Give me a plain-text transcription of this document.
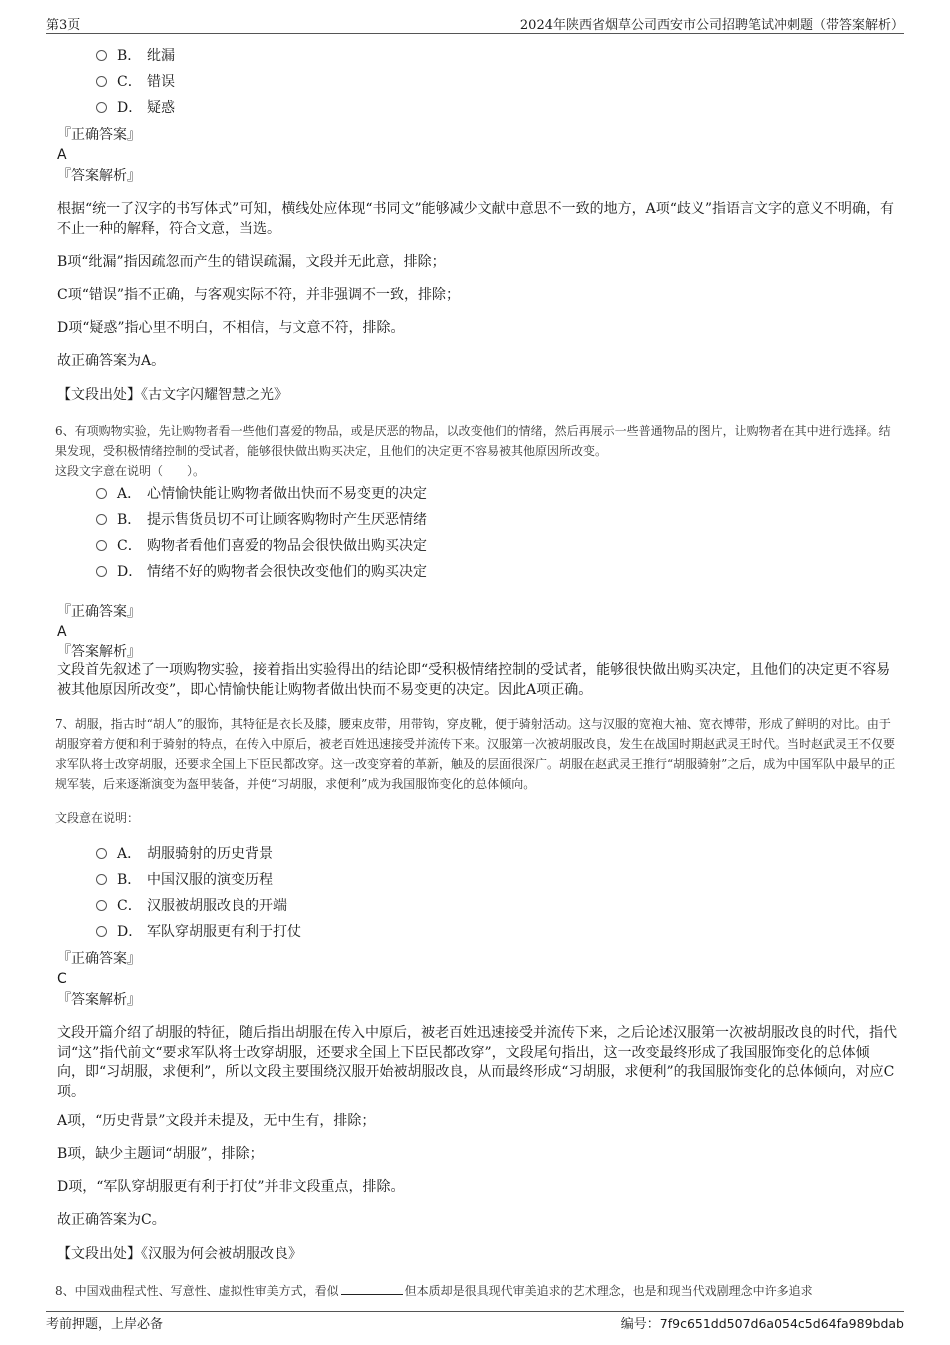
第3页	2024年陕西省烟草公司西安市公司招聘笔试冲刺题（带答案解析）
B． 纰漏
C． 错误
D． 疑惑
『正确答案』
A
『答案解析』

根据“统一了汉字的书写体式”可知，横线处应体现“书同文”能够减少文献中意思不一致的地方，A项“歧义”指语言文字的意义不明确，有不止一种的解释，符合文意，当选。

B项“纰漏”指因疏忽而产生的错误疏漏，文段并无此意，排除；

C项“错误”指不正确，与客观实际不符，并非强调不一致，排除；

D项“疑惑”指心里不明白，不相信，与文意不符，排除。

故正确答案为A。

【文段出处】《古文字闪耀智慧之光》

6、有项购物实验，先让购物者看一些他们喜爱的物品，或是厌恶的物品，以改变他们的情绪，然后再展示一些普通物品的图片，让购物者在其中进行选择。结果发现，受积极情绪控制的受试者，能够很快做出购买决定，且他们的决定更不容易被其他原因所改变。

这段文字意在说明（　　）。

A． 心情愉快能让购物者做出快而不易变更的决定
B． 提示售货员切不可让顾客购物时产生厌恶情绪
C． 购物者看他们喜爱的物品会很快做出购买决定
D． 情绪不好的购物者会很快改变他们的购买决定
『正确答案』
A
『答案解析』

文段首先叙述了一项购物实验，接着指出实验得出的结论即“受积极情绪控制的受试者，能够很快做出购买决定，且他们的决定更不容易被其他原因所改变”，即心情愉快能让购物者做出快而不易变更的决定。因此A项正确。

7、胡服，指古时“胡人”的服饰，其特征是衣长及膝，腰束皮带，用带钩，穿皮靴，便于骑射活动。这与汉服的宽袍大袖、宽衣博带，形成了鲜明的对比。由于胡服穿着方便和利于骑射的特点，在传入中原后，被老百姓迅速接受并流传下来。汉服第一次被胡服改良，发生在战国时期赵武灵王时代。当时赵武灵王不仅要求军队将士改穿胡服，还要求全国上下臣民都改穿。这一改变穿着的革新，触及的层面很深广。胡服在赵武灵王推行“胡服骑射”之后，成为中国军队中最早的正规军装，后来逐渐演变为盔甲装备，并使“习胡服，求便利”成为我国服饰变化的总体倾向。

文段意在说明：

A． 胡服骑射的历史背景
B． 中国汉服的演变历程
C． 汉服被胡服改良的开端
D． 军队穿胡服更有利于打仗
『正确答案』
C
『答案解析』

文段开篇介绍了胡服的特征，随后指出胡服在传入中原后，被老百姓迅速接受并流传下来，之后论述汉服第一次被胡服改良的时代，指代词“这”指代前文“要求军队将士改穿胡服，还要求全国上下臣民都改穿”，文段尾句指出，这一改变最终形成了我国服饰变化的总体倾向，即“习胡服，求便利”，所以文段主要围绕汉服开始被胡服改良，从而最终形成“习胡服，求便利”的我国服饰变化的总体倾向，对应C项。

A项，“历史背景”文段并未提及，无中生有，排除；

B项，缺少主题词“胡服”，排除；

D项，“军队穿胡服更有利于打仗”并非文段重点，排除。

故正确答案为C。

【文段出处】《汉服为何会被胡服改良》

8、中国戏曲程式性、写意性、虚拟性审美方式，看似	但本质却是很具现代审美追求的艺术理念，也是和现当代戏剧理念中许多追求

考前押题，上岸必备	编号：7f9c651dd507d6a054c5d64fa989bdab
